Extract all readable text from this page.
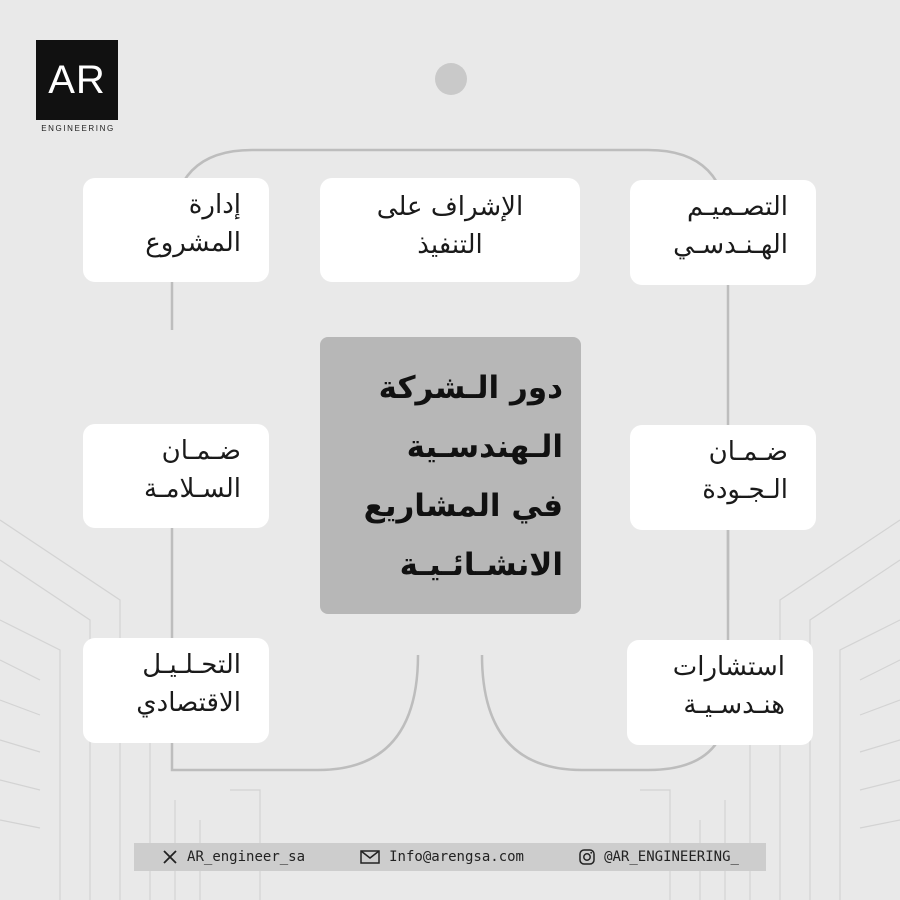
AR
ENGINEERING
التصـميـم
الهـنـدسـي
الإشراف على
التنفيذ
إدارة
المشروع
ضـمـان
الـجـودة
ضـمـان
السـلامـة
استشارات
هنـدسـيـة
التحـلـيـل
الاقتصادي
دور الـشركة
الـهندسـية
في المشاريع
الانشـائـيـة
AR_engineer_sa	Info@arengsa.com	@AR_ENGINEERING_
